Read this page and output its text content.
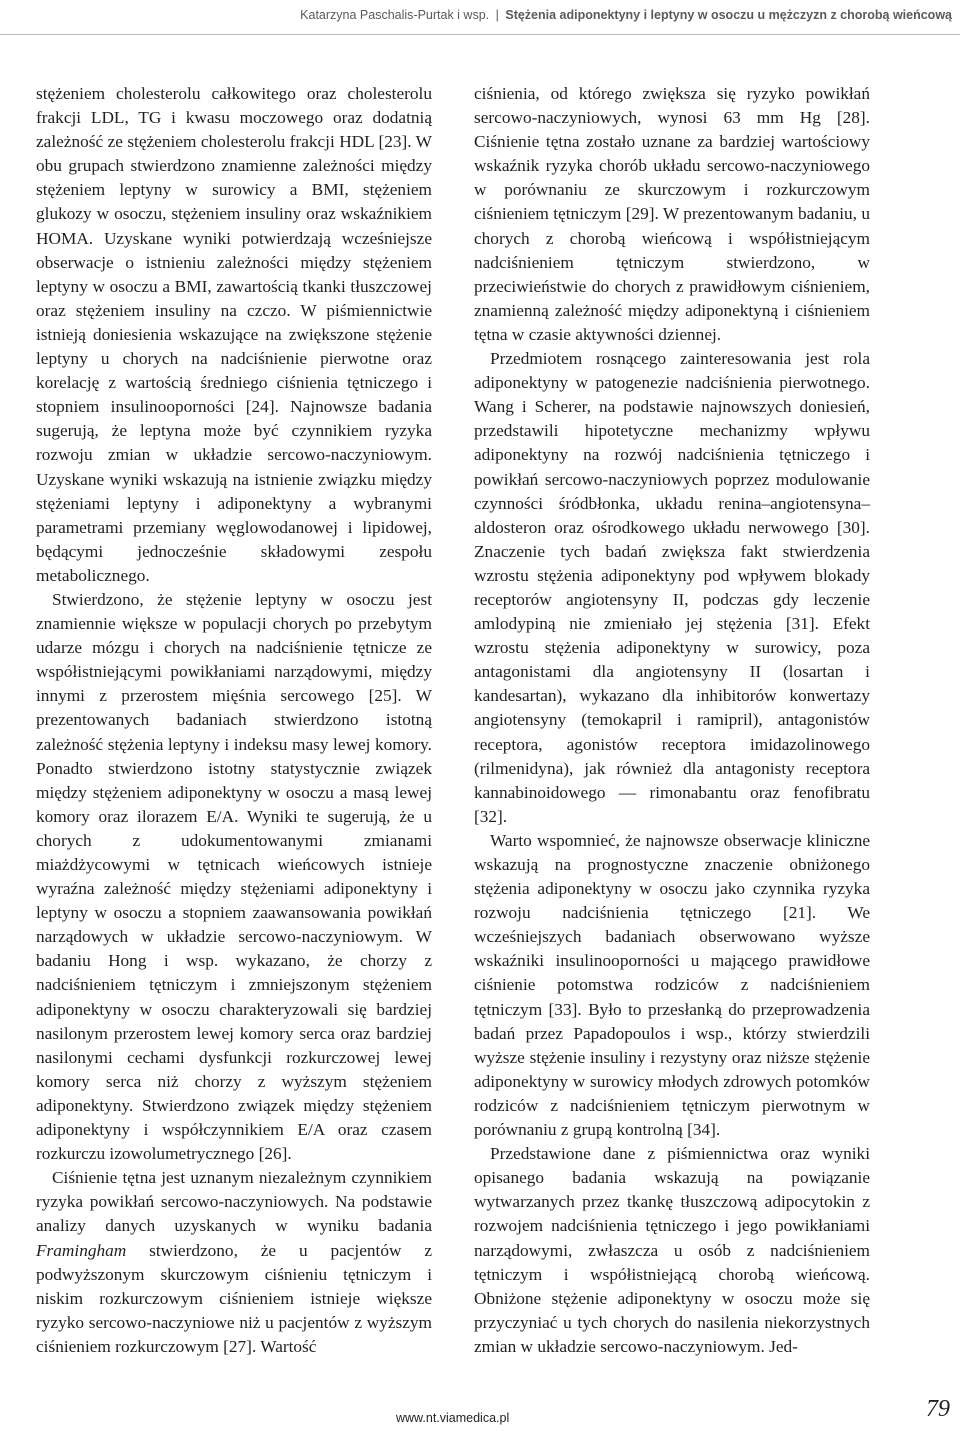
Katarzyna Paschalis-Purtak i wsp. | Stężenia adiponektyny i leptyny w osoczu u mężczyzn z chorobą wieńcową

stężeniem cholesterolu całkowitego oraz cholesterolu frakcji LDL, TG i kwasu moczowego oraz dodatnią zależność ze stężeniem cholesterolu frakcji HDL [23]. W obu grupach stwierdzono znamienne zależności między stężeniem leptyny w surowicy a BMI, stężeniem glukozy w osoczu, stężeniem insuliny oraz wskaźnikiem HOMA. Uzyskane wyniki potwierdzają wcześniejsze obserwacje o istnieniu zależności między stężeniem leptyny w osoczu a BMI, zawartością tkanki tłuszczowej oraz stężeniem insuliny na czczo. W piśmiennictwie istnieją doniesienia wskazujące na zwiększone stężenie leptyny u chorych na nadciśnienie pierwotne oraz korelację z wartością średniego ciśnienia tętniczego i stopniem insulinooporności [24]. Najnowsze badania sugerują, że leptyna może być czynnikiem ryzyka rozwoju zmian w układzie sercowo-naczyniowym. Uzyskane wyniki wskazują na istnienie związku między stężeniami leptyny i adiponektyny a wybranymi parametrami przemiany węglowodanowej i lipidowej, będącymi jednocześnie składowymi zespołu metabolicznego.

Stwierdzono, że stężenie leptyny w osoczu jest znamiennie większe w populacji chorych po przebytym udarze mózgu i chorych na nadciśnienie tętnicze ze współistniejącymi powikłaniami narządowymi, między innymi z przerostem mięśnia sercowego [25]. W prezentowanych badaniach stwierdzono istotną zależność stężenia leptyny i indeksu masy lewej komory. Ponadto stwierdzono istotny statystycznie związek między stężeniem adiponektyny w osoczu a masą lewej komory oraz ilorazem E/A. Wyniki te sugerują, że u chorych z udokumentowanymi zmianami miażdżycowymi w tętnicach wieńcowych istnieje wyraźna zależność między stężeniami adiponektyny i leptyny w osoczu a stopniem zaawansowania powikłań narządowych w układzie sercowo-naczyniowym. W badaniu Hong i wsp. wykazano, że chorzy z nadciśnieniem tętniczym i zmniejszonym stężeniem adiponektyny w osoczu charakteryzowali się bardziej nasilonym przerostem lewej komory serca oraz bardziej nasilonymi cechami dysfunkcji rozkurczowej lewej komory serca niż chorzy z wyższym stężeniem adiponektyny. Stwierdzono związek między stężeniem adiponektyny i współczynnikiem E/A oraz czasem rozkurczu izowolumetrycznego [26].

Ciśnienie tętna jest uznanym niezależnym czynnikiem ryzyka powikłań sercowo-naczyniowych. Na podstawie analizy danych uzyskanych w wyniku badania Framingham stwierdzono, że u pacjentów z podwyższonym skurczowym ciśnieniu tętniczym i niskim rozkurczowym ciśnieniem istnieje większe ryzyko sercowo-naczyniowe niż u pacjentów z wyższym ciśnieniem rozkurczowym [27]. Wartość

ciśnienia, od którego zwiększa się ryzyko powikłań sercowo-naczyniowych, wynosi 63 mm Hg [28]. Ciśnienie tętna zostało uznane za bardziej wartościowy wskaźnik ryzyka chorób układu sercowo-naczyniowego w porównaniu ze skurczowym i rozkurczowym ciśnieniem tętniczym [29]. W prezentowanym badaniu, u chorych z chorobą wieńcową i współistniejącym nadciśnieniem tętniczym stwierdzono, w przeciwieństwie do chorych z prawidłowym ciśnieniem, znamienną zależność między adiponektyną i ciśnieniem tętna w czasie aktywności dziennej.

Przedmiotem rosnącego zainteresowania jest rola adiponektyny w patogenezie nadciśnienia pierwotnego. Wang i Scherer, na podstawie najnowszych doniesień, przedstawili hipotetyczne mechanizmy wpływu adiponektyny na rozwój nadciśnienia tętniczego i powikłań sercowo-naczyniowych poprzez modulowanie czynności śródbłonka, układu renina–angiotensyna–aldosteron oraz ośrodkowego układu nerwowego [30]. Znaczenie tych badań zwiększa fakt stwierdzenia wzrostu stężenia adiponektyny pod wpływem blokady receptorów angiotensyny II, podczas gdy leczenie amlodypiną nie zmieniało jej stężenia [31]. Efekt wzrostu stężenia adiponektyny w surowicy, poza antagonistami dla angiotensyny II (losartan i kandesartan), wykazano dla inhibitorów konwertazy angiotensyny (temokapril i ramipril), antagonistów receptora, agonistów receptora imidazolinowego (rilmenidyna), jak również dla antagonisty receptora kannabinoidowego — rimonabantu oraz fenofibratu [32].

Warto wspomnieć, że najnowsze obserwacje kliniczne wskazują na prognostyczne znaczenie obniżonego stężenia adiponektyny w osoczu jako czynnika ryzyka rozwoju nadciśnienia tętniczego [21]. We wcześniejszych badaniach obserwowano wyższe wskaźniki insulinooporności u mającego prawidłowe ciśnienie potomstwa rodziców z nadciśnieniem tętniczym [33]. Było to przesłanką do przeprowadzenia badań przez Papadopoulos i wsp., którzy stwierdzili wyższe stężenie insuliny i rezystyny oraz niższe stężenie adiponektyny w surowicy młodych zdrowych potomków rodziców z nadciśnieniem tętniczym pierwotnym w porównaniu z grupą kontrolną [34].

Przedstawione dane z piśmiennictwa oraz wyniki opisanego badania wskazują na powiązanie wytwarzanych przez tkankę tłuszczową adipocytokin z rozwojem nadciśnienia tętniczego i jego powikłaniami narządowymi, zwłaszcza u osób z nadciśnieniem tętniczym i współistniejącą chorobą wieńcową. Obniżone stężenie adiponektyny w osoczu może się przyczyniać u tych chorych do nasilenia niekorzystnych zmian w układzie sercowo-naczyniowym. Jed-

www.nt.viamedica.pl	79
